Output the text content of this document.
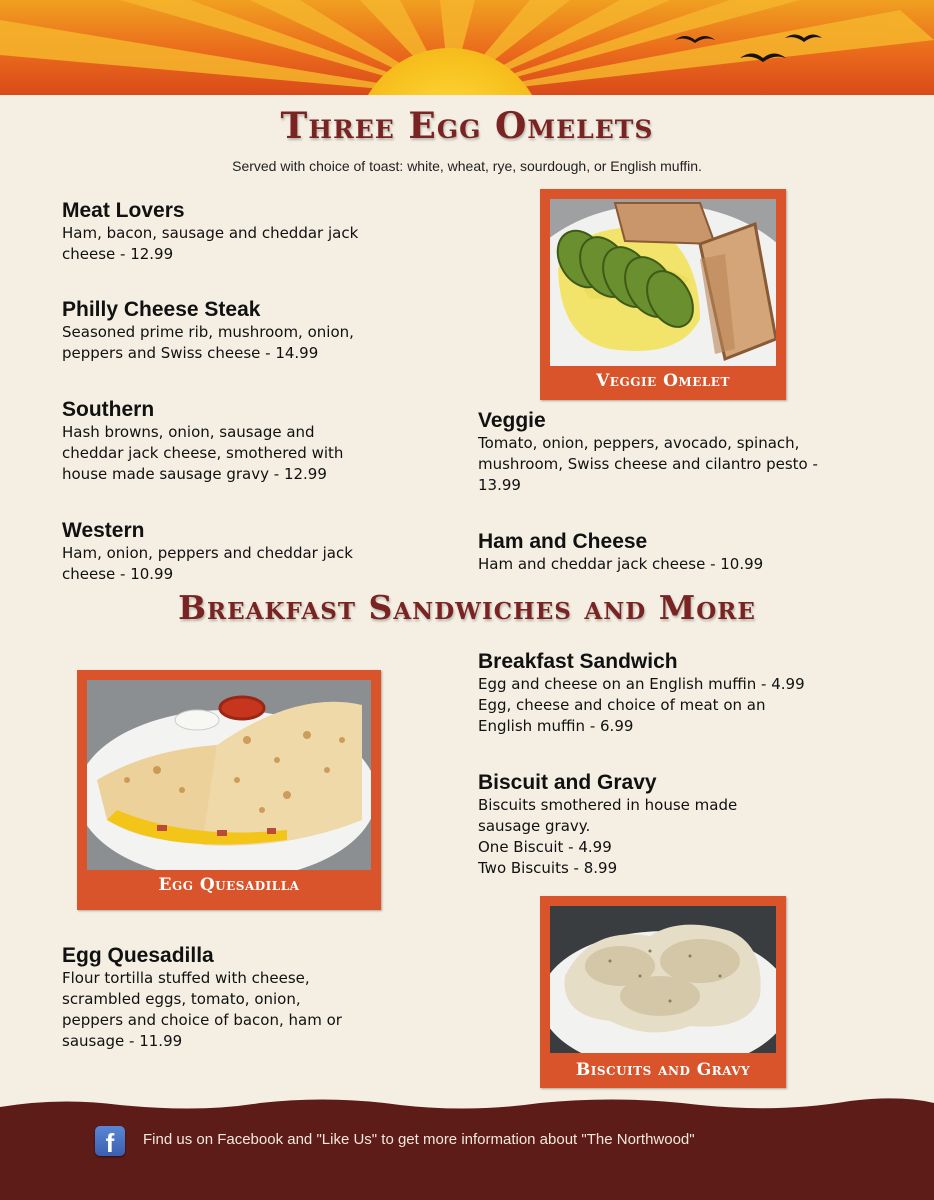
Three Egg Omelets
Served with choice of toast: white, wheat, rye, sourdough, or English muffin.
Meat Lovers
Ham, bacon, sausage and cheddar jack
cheese - 12.99
Philly Cheese Steak
Seasoned prime rib, mushroom, onion,
peppers and Swiss cheese - 14.99
Southern
Hash browns, onion, sausage and
cheddar jack cheese, smothered with
house made sausage gravy - 12.99
Western
Ham, onion, peppers and cheddar jack
cheese - 10.99
Veggie
Tomato, onion, peppers, avocado, spinach,
mushroom, Swiss cheese and cilantro pesto -
13.99
Ham and Cheese
Ham and cheddar jack cheese - 10.99
Veggie Omelet
Breakfast Sandwiches and More
Breakfast Sandwich
Egg and cheese on an English muffin - 4.99
Egg, cheese and choice of meat on an
English muffin - 6.99
Biscuit and Gravy
Biscuits smothered in house made
sausage gravy.
One Biscuit - 4.99
Two Biscuits - 8.99
Egg Quesadilla
Flour tortilla stuffed with cheese,
scrambled eggs, tomato, onion,
peppers and choice of bacon, ham or
sausage - 11.99
Egg Quesadilla
Biscuits and Gravy
f	Find us on Facebook and "Like Us" to get more information about "The Northwood"
